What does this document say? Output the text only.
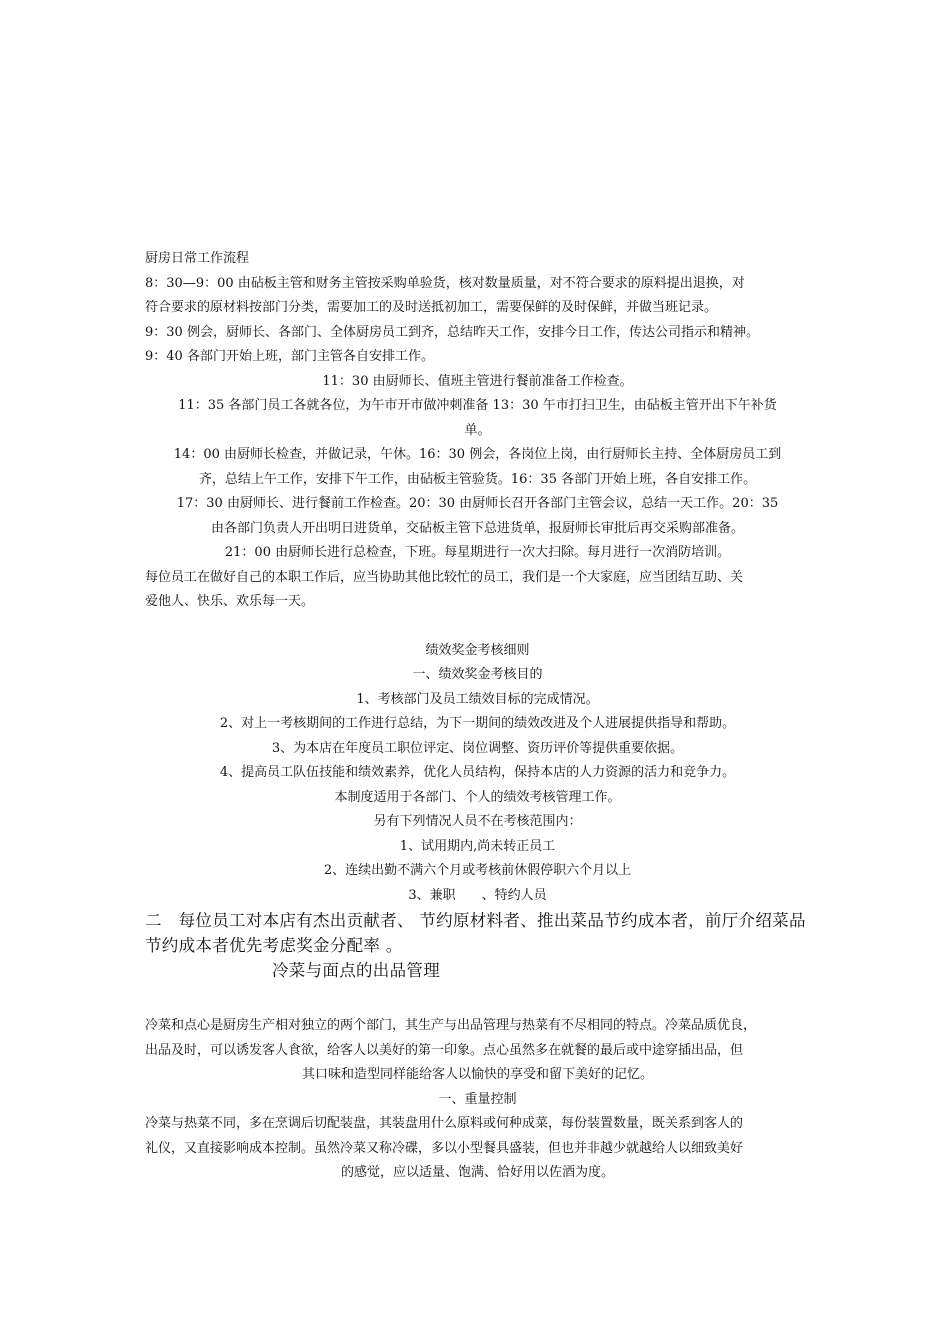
厨房日常工作流程
8：30—9：00 由砧板主管和财务主管按采购单验货，核对数量质量，对不符合要求的原料提出退换，对
符合要求的原材料按部门分类，需要加工的及时送抵初加工，需要保鲜的及时保鲜，并做当班记录。
9：30 例会，厨师长、各部门、全体厨房员工到齐，总结昨天工作，安排今日工作，传达公司指示和精神。
9：40 各部门开始上班，部门主管各自安排工作。
11：30 由厨师长、值班主管进行餐前准备工作检查。
11：35 各部门员工各就各位，为午市开市做冲刺准备 13：30 午市打扫卫生，由砧板主管开出下午补货
单。
14：00 由厨师长检查，并做记录，午休。16：30 例会，各岗位上岗，由行厨师长主持、全体厨房员工到
齐，总结上午工作，安排下午工作，由砧板主管验货。16：35 各部门开始上班，各自安排工作。
17：30 由厨师长、进行餐前工作检查。20：30 由厨师长召开各部门主管会议，总结一天工作。20：35
由各部门负责人开出明日进货单，交砧板主管下总进货单，报厨师长审批后再交采购部准备。
21：00 由厨师长进行总检查，下班。每星期进行一次大扫除。每月进行一次消防培训。
每位员工在做好自己的本职工作后，应当协助其他比较忙的员工，我们是一个大家庭，应当团结互助、关
爱他人、快乐、欢乐每一天。
绩效奖金考核细则
一、绩效奖金考核目的
1、考核部门及员工绩效目标的完成情况。
2、对上一考核期间的工作进行总结，为下一期间的绩效改进及个人进展提供指导和帮助。
3、为本店在年度员工职位评定、岗位调整、资历评价等提供重要依据。
4、提高员工队伍技能和绩效素养，优化人员结构，保持本店的人力资源的活力和竞争力。
本制度适用于各部门、个人的绩效考核管理工作。
另有下列情况人员不在考核范围内：
1、试用期内,尚未转正员工
2、连续出勤不满六个月或考核前休假停职六个月以上
3、兼职　　、特约人员
二　每位员工对本店有杰出贡献者、 节约原材料者、推出菜品节约成本者，前厅介绍菜品
节约成本者优先考虑奖金分配率 。
冷菜与面点的出品管理
冷菜和点心是厨房生产相对独立的两个部门，其生产与出品管理与热菜有不尽相同的特点。冷菜品质优良，
出品及时，可以诱发客人食欲，给客人以美好的第一印象。点心虽然多在就餐的最后或中途穿插出品，但
其口味和造型同样能给客人以愉快的享受和留下美好的记忆。
一、重量控制
冷菜与热菜不同，多在烹调后切配装盘，其装盘用什么原料或何种成菜，每份装置数量，既关系到客人的
礼仪，又直接影响成本控制。虽然冷菜又称冷碟，多以小型餐具盛装，但也并非越少就越给人以细致美好
的感觉，应以适量、饱满、恰好用以佐酒为度。
